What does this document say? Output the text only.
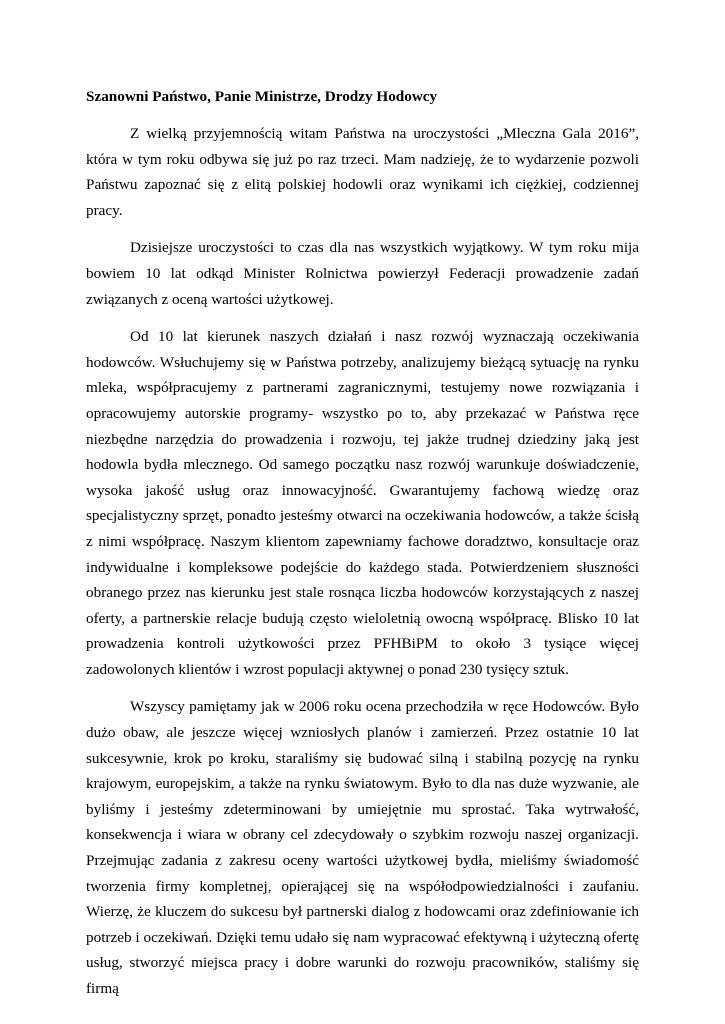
Szanowni Państwo, Panie Ministrze, Drodzy Hodowcy

Z wielką przyjemnością witam Państwa na uroczystości „Mleczna Gala 2016”, która w tym roku odbywa się już po raz trzeci. Mam nadzieję, że to wydarzenie pozwoli Państwu zapoznać się z elitą polskiej hodowli oraz wynikami ich ciężkiej, codziennej pracy.

Dzisiejsze uroczystości to czas dla nas wszystkich wyjątkowy. W tym roku mija bowiem 10 lat odkąd Minister Rolnictwa powierzył Federacji prowadzenie zadań związanych z oceną wartości użytkowej.

Od 10 lat kierunek naszych działań i nasz rozwój wyznaczają oczekiwania hodowców. Wsłuchujemy się w Państwa potrzeby, analizujemy bieżącą sytuację na rynku mleka, współpracujemy z partnerami zagranicznymi, testujemy nowe rozwiązania i opracowujemy autorskie programy- wszystko po to, aby przekazać w Państwa ręce niezbędne narzędzia do prowadzenia i rozwoju, tej jakże trudnej dziedziny jaką jest hodowla bydła mlecznego. Od samego początku nasz rozwój warunkuje doświadczenie, wysoka jakość usług oraz innowacyjność. Gwarantujemy fachową wiedzę oraz specjalistyczny sprzęt, ponadto jesteśmy otwarci na oczekiwania hodowców, a także ścisłą z nimi współpracę. Naszym klientom zapewniamy fachowe doradztwo, konsultacje oraz indywidualne i kompleksowe podejście do każdego stada. Potwierdzeniem słuszności obranego przez nas kierunku jest stale rosnąca liczba hodowców korzystających z naszej oferty, a partnerskie relacje budują często wieloletnią owocną współpracę. Blisko 10 lat prowadzenia kontroli użytkowości przez PFHBiPM to około 3 tysiące więcej zadowolonych klientów i wzrost populacji aktywnej o ponad 230 tysięcy sztuk.

Wszyscy pamiętamy jak w 2006 roku ocena przechodziła w ręce Hodowców. Było dużo obaw, ale jeszcze więcej wzniosłych planów i zamierzeń. Przez ostatnie 10 lat sukcesywnie, krok po kroku, staraliśmy się budować silną i stabilną pozycję na rynku krajowym, europejskim, a także na rynku światowym. Było to dla nas duże wyzwanie, ale byliśmy i jesteśmy zdeterminowani by umiejętnie mu sprostać. Taka wytrwałość, konsekwencja i wiara w obrany cel zdecydowały o szybkim rozwoju naszej organizacji. Przejmując zadania z zakresu oceny wartości użytkowej bydła, mieliśmy świadomość tworzenia firmy kompletnej, opierającej się na współodpowiedzialności i zaufaniu. Wierzę, że kluczem do sukcesu był partnerski dialog z hodowcami oraz zdefiniowanie ich potrzeb i oczekiwań. Dzięki temu udało się nam wypracować efektywną i użyteczną ofertę usług, stworzyć miejsca pracy i dobre warunki do rozwoju pracowników, staliśmy się firmą
